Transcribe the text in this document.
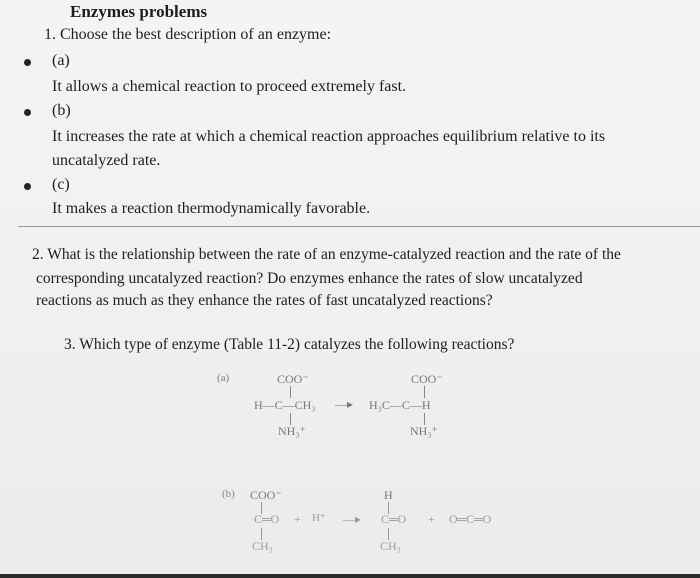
Enzymes problems
1. Choose the best description of an enzyme:
(a)
It allows a chemical reaction to proceed extremely fast.
(b)
It increases the rate at which a chemical reaction approaches equilibrium relative to its
uncatalyzed rate.
(c)
It makes a reaction thermodynamically favorable.
2. What is the relationship between the rate of an enzyme-catalyzed reaction and the rate of the
corresponding uncatalyzed reaction? Do enzymes enhance the rates of slow uncatalyzed
reactions as much as they enhance the rates of fast uncatalyzed reactions?
3. Which type of enzyme (Table 11-2) catalyzes the following reactions?
(a)	COO⁻
H—C—CH₃
NH₃⁺
—▸
COO⁻
H₃C—C—H
NH₃⁺
(b) COO⁻
C═O + H⁺
CH₃
—▸
H
C═O + O═C═O
CH₃
